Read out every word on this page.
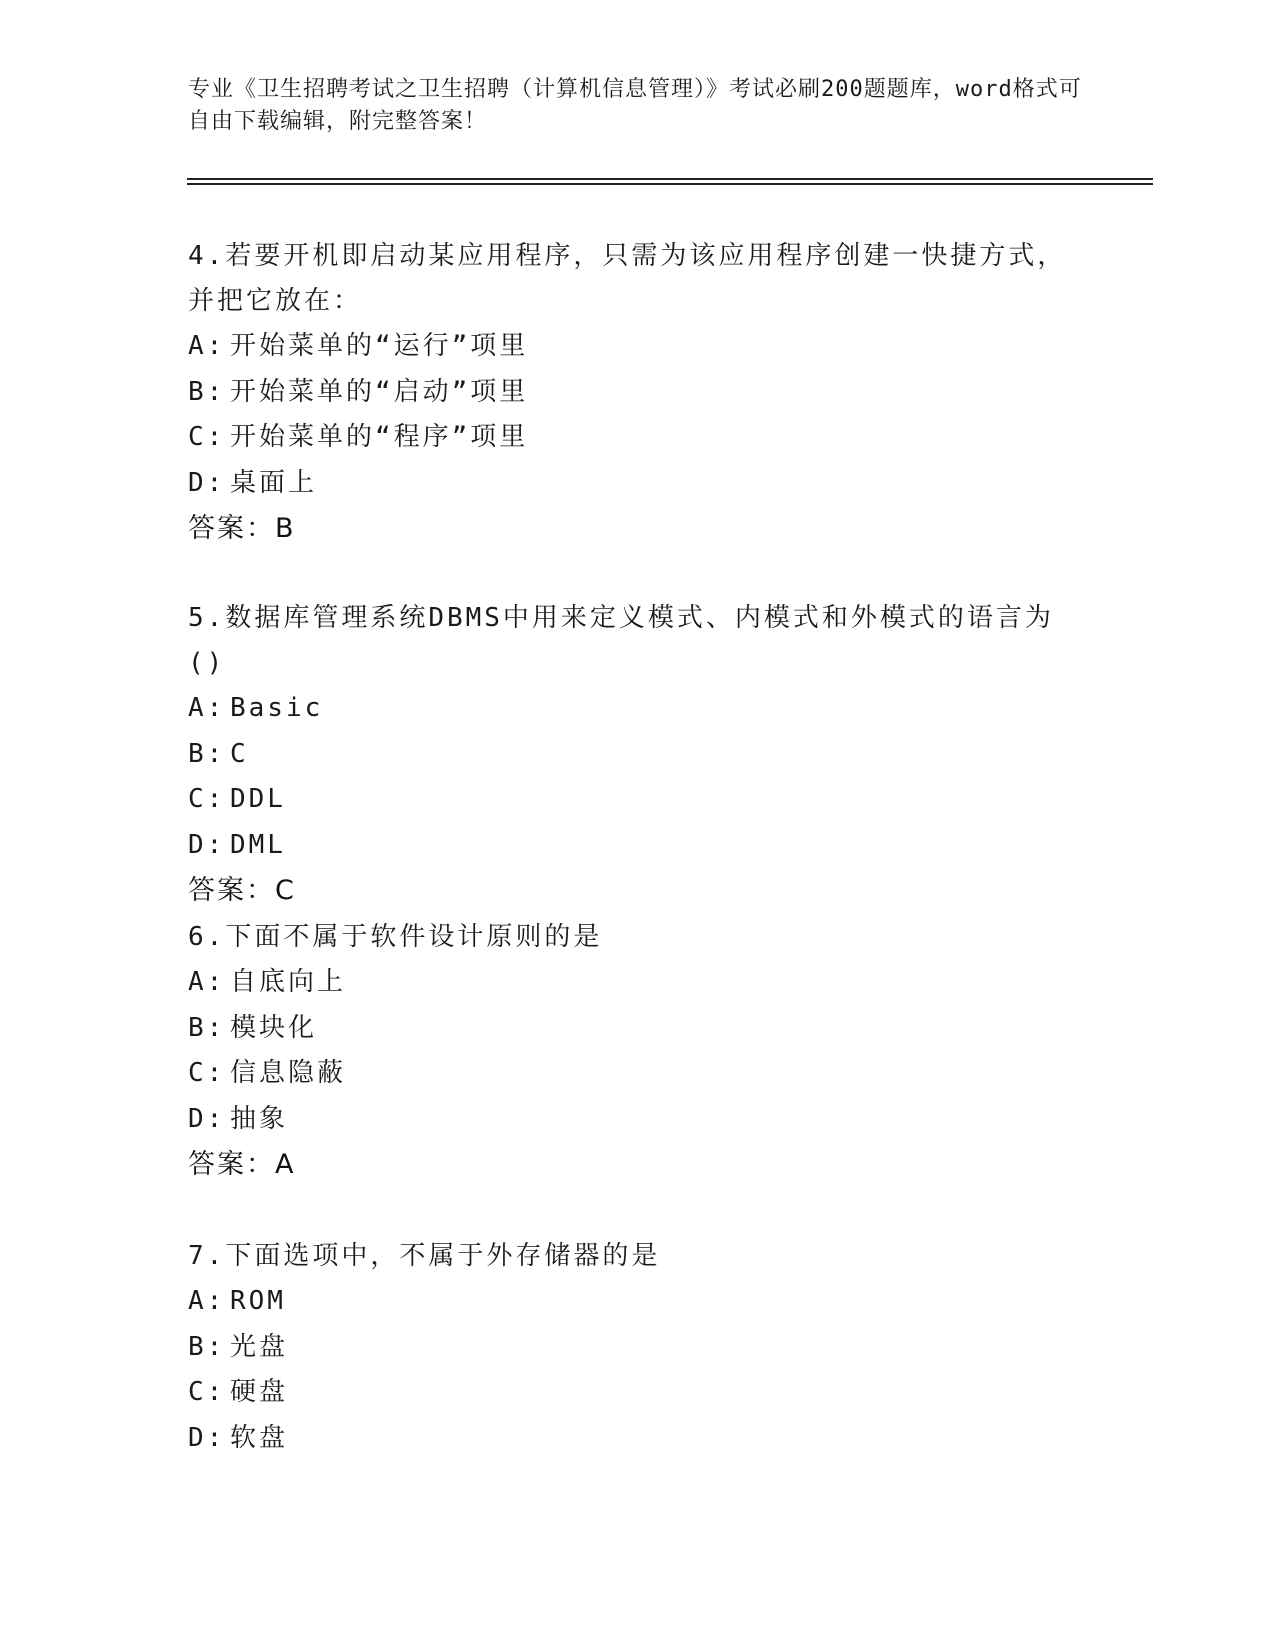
专业《卫生招聘考试之卫生招聘（计算机信息管理）》考试必刷200题题库，word格式可自由下载编辑，附完整答案！

4.若要开机即启动某应用程序，只需为该应用程序创建一快捷方式，并把它放在：

A: 开始菜单的“运行”项里

B: 开始菜单的“启动”项里

C: 开始菜单的“程序”项里

D: 桌面上

答案：B

5.数据库管理系统DBMS中用来定义模式、内模式和外模式的语言为()

A: Basic

B: C

C: DDL

D: DML

答案：C

6.下面不属于软件设计原则的是

A: 自底向上

B: 模块化

C: 信息隐蔽

D: 抽象

答案：A

7.下面选项中，不属于外存储器的是

A: ROM

B: 光盘

C: 硬盘

D: 软盘
